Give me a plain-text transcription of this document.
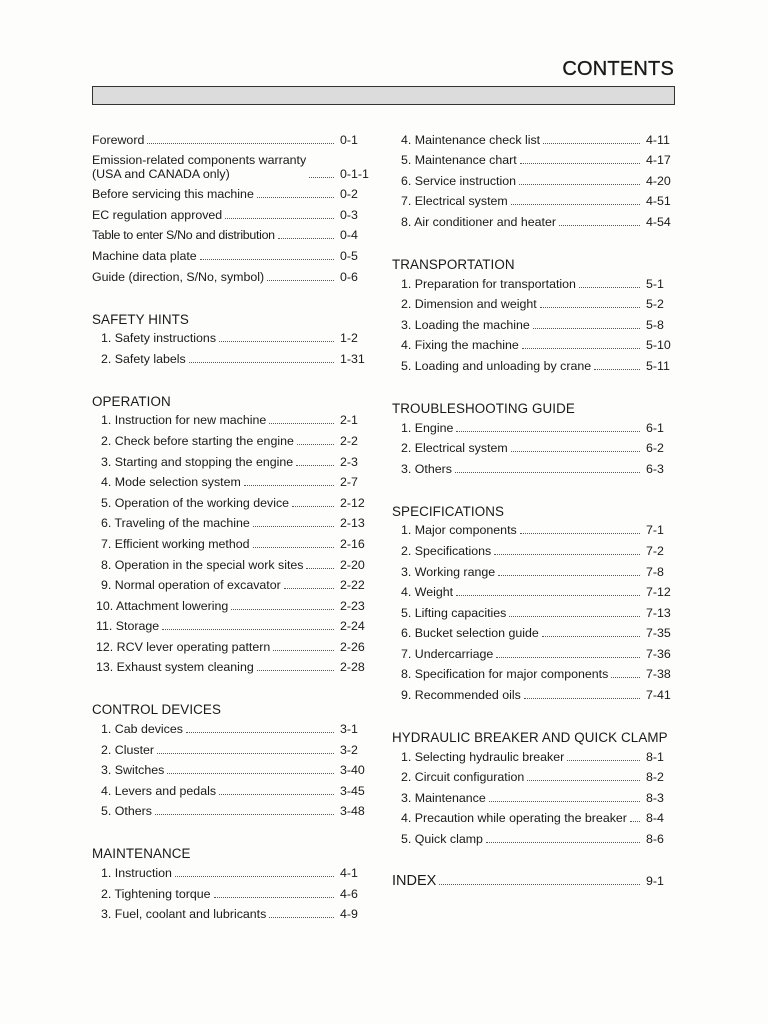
CONTENTS
Foreword	0-1
Emission-related components warranty
(USA and CANADA only)	0-1-1
Before servicing this machine	0-2
EC regulation approved	0-3
Table to enter S/No and distribution	0-4
Machine data plate	0-5
Guide (direction, S/No, symbol)	0-6
SAFETY HINTS
1. Safety instructions	1-2
2. Safety labels	1-31
OPERATION
1. Instruction for new machine	2-1
2. Check before starting the engine	2-2
3. Starting and stopping the engine	2-3
4. Mode selection system	2-7
5. Operation of the working device	2-12
6. Traveling of the machine	2-13
7. Efficient working method	2-16
8. Operation in the special work sites	2-20
9. Normal operation of excavator	2-22
10. Attachment lowering	2-23
11. Storage	2-24
12. RCV lever operating pattern	2-26
13. Exhaust system cleaning	2-28
CONTROL DEVICES
1. Cab devices	3-1
2. Cluster	3-2
3. Switches	3-40
4. Levers and pedals	3-45
5. Others	3-48
MAINTENANCE
1. Instruction	4-1
2. Tightening torque	4-6
3. Fuel, coolant and lubricants	4-9
4. Maintenance check list	4-11
5. Maintenance chart	4-17
6. Service instruction	4-20
7. Electrical system	4-51
8. Air conditioner and heater	4-54
TRANSPORTATION
1. Preparation for transportation	5-1
2. Dimension and weight	5-2
3. Loading the machine	5-8
4. Fixing the machine	5-10
5. Loading and unloading by crane	5-11
TROUBLESHOOTING GUIDE
1. Engine	6-1
2. Electrical system	6-2
3. Others	6-3
SPECIFICATIONS
1. Major components	7-1
2. Specifications	7-2
3. Working range	7-8
4. Weight	7-12
5. Lifting capacities	7-13
6. Bucket selection guide	7-35
7. Undercarriage	7-36
8. Specification for major components	7-38
9. Recommended oils	7-41
HYDRAULIC BREAKER AND QUICK CLAMP
1. Selecting hydraulic breaker	8-1
2. Circuit configuration	8-2
3. Maintenance	8-3
4. Precaution while operating the breaker 8-4
5. Quick clamp	8-6
INDEX	9-1
